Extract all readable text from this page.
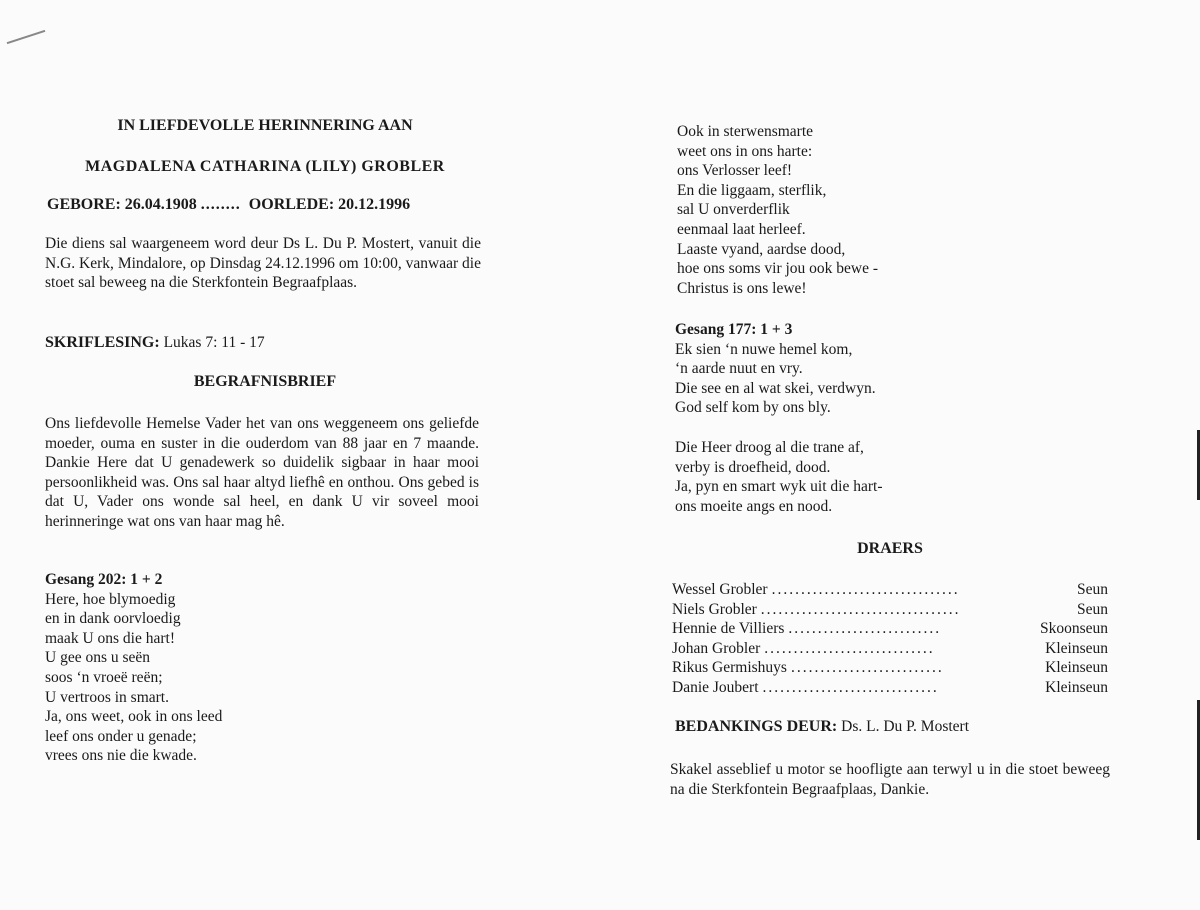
IN LIEFDEVOLLE HERINNERING AAN
MAGDALENA CATHARINA (LILY) GROBLER
GEBORE: 26.04.1908 ........ OORLEDE: 20.12.1996
Die diens sal waargeneem word deur Ds L. Du P. Mostert, vanuit die N.G. Kerk, Mindalore, op Dinsdag 24.12.1996 om 10:00, vanwaar die stoet sal beweeg na die Sterkfontein Begraafplaas.
SKRIFLESING: Lukas 7: 11 - 17
BEGRAFNISBRIEF
Ons liefdevolle Hemelse Vader het van ons weggeneem ons geliefde moeder, ouma en suster in die ouderdom van 88 jaar en 7 maande. Dankie Here dat U genadewerk so duidelik sigbaar in haar mooi persoonlikheid was. Ons sal haar altyd liefhê en onthou. Ons gebed is dat U, Vader ons wonde sal heel, en dank U vir soveel mooi herinneringe wat ons van haar mag hê.
Gesang 202: 1 + 2
Here, hoe blymoedig
en in dank oorvloedig
maak U ons die hart!
U gee ons u seën
soos ‘n vroeë reën;
U vertroos in smart.
Ja, ons weet, ook in ons leed
leef ons onder u genade;
vrees ons nie die kwade.
Ook in sterwensmarte
weet ons in ons harte:
ons Verlosser leef!
En die liggaam, sterflik,
sal U onverderflik
eenmaal laat herleef.
Laaste vyand, aardse dood,
hoe ons soms vir jou ook bewe -
Christus is ons lewe!
Gesang 177: 1 + 3
Ek sien ‘n nuwe hemel kom,
‘n aarde nuut en vry.
Die see en al wat skei, verdwyn.
God self kom by ons bly.
Die Heer droog al die trane af,
verby is droefheid, dood.
Ja, pyn en smart wyk uit die hart-
ons moeite angs en nood.
DRAERS
Wessel Grobler ................................	Seun
Niels Grobler ..................................	Seun
Hennie de Villiers ..........................	Skoonseun
Johan Grobler .............................	Kleinseun
Rikus Germishuys ..........................	Kleinseun
Danie Joubert ..............................	Kleinseun
BEDANKINGS DEUR: Ds. L. Du P. Mostert
Skakel asseblief u motor se hoofligte aan terwyl u in die stoet beweeg na die Sterkfontein Begraafplaas, Dankie.
